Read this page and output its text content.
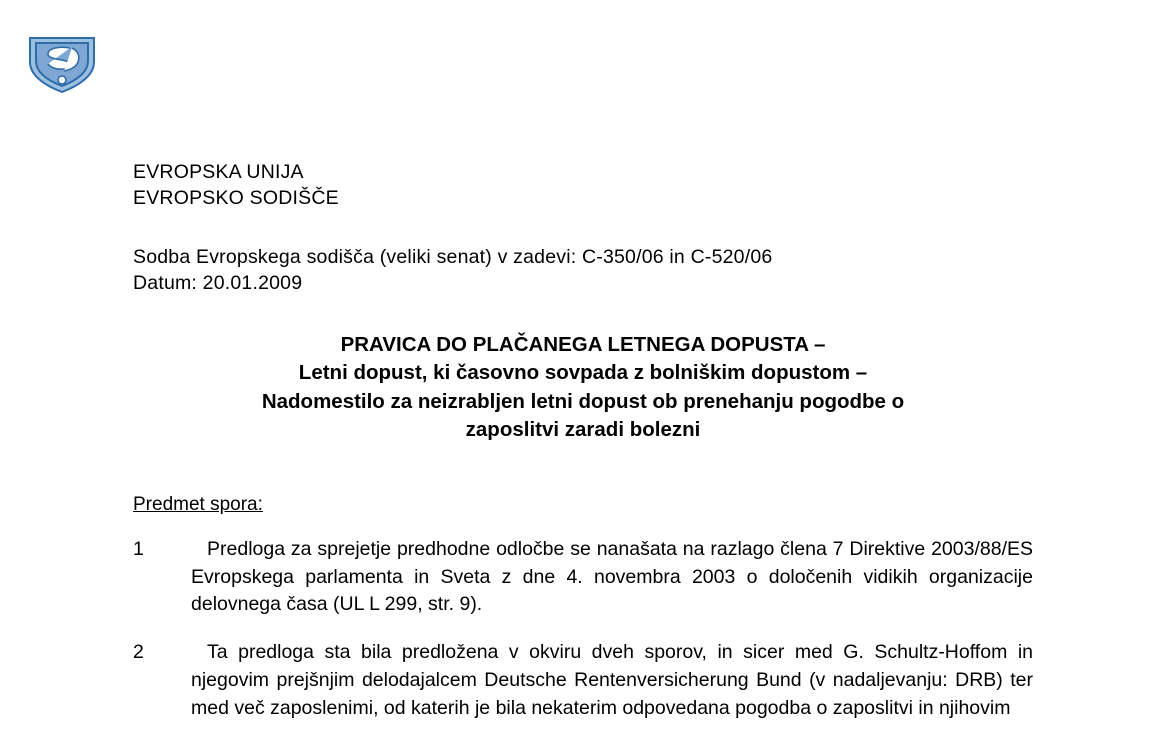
EVROPSKA UNIJA
EVROPSKO SODIŠČE
Sodba Evropskega sodišča (veliki senat) v zadevi: C-350/06 in C-520/06
Datum: 20.01.2009
PRAVICA DO PLAČANEGA LETNEGA DOPUSTA –
Letni dopust, ki časovno sovpada z bolniškim dopustom –
Nadomestilo za neizrabljen letni dopust ob prenehanju pogodbe o
zaposlitvi zaradi bolezni
Predmet spora:
1	Predloga za sprejetje predhodne odločbe se nanašata na razlago člena 7 Direktive 2003/88/ES Evropskega parlamenta in Sveta z dne 4. novembra 2003 o določenih vidikih organizacije delovnega časa (UL L 299, str. 9).
2	Ta predloga sta bila predložena v okviru dveh sporov, in sicer med G. Schultz-Hoffom in njegovim prejšnjim delodajalcem Deutsche Rentenversicherung Bund (v nadaljevanju: DRB) ter med več zaposlenimi, od katerih je bila nekaterim odpovedana pogodba o zaposlitvi in njihovim
